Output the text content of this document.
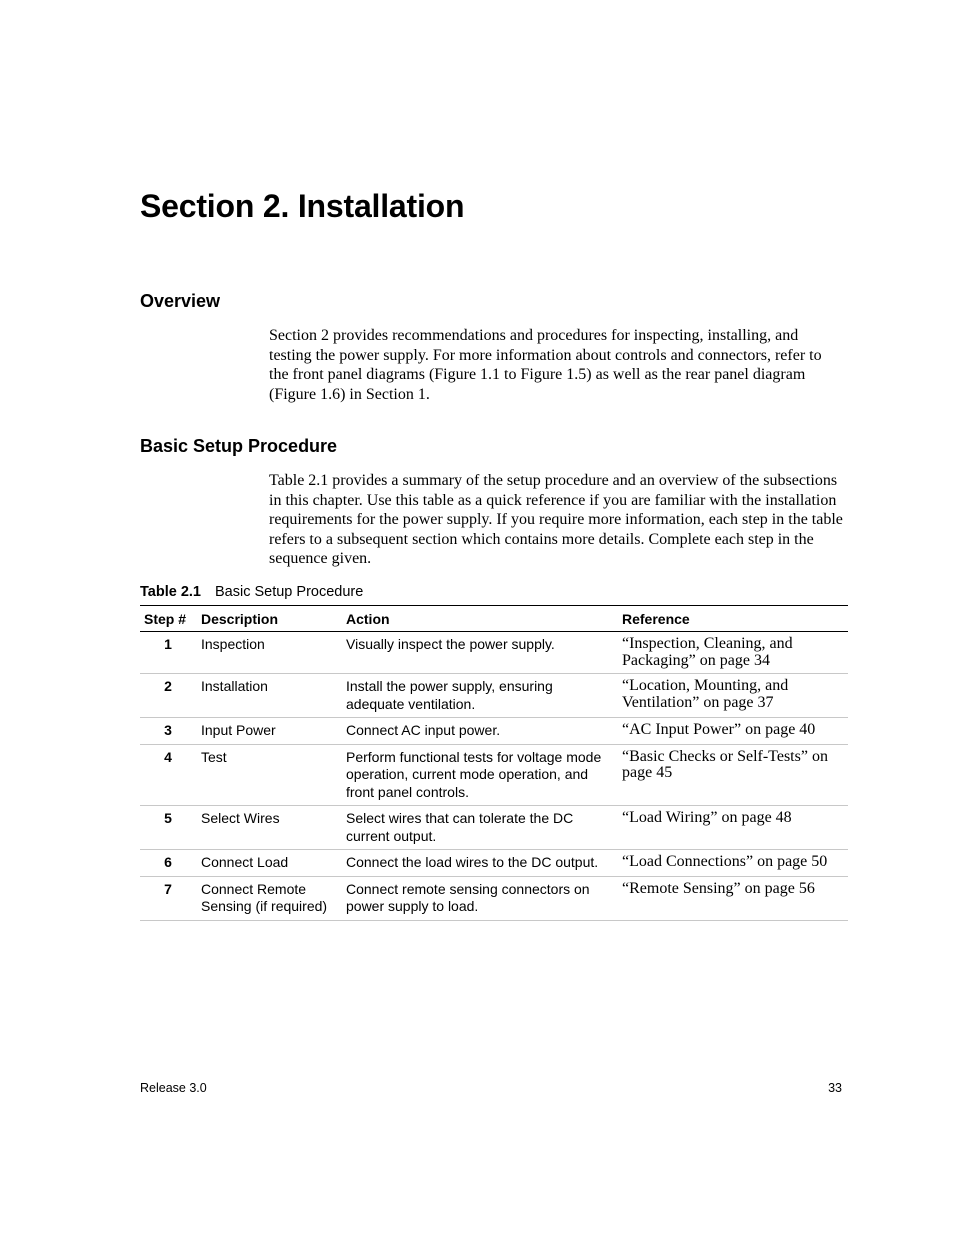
Section 2. Installation
Overview

Section 2 provides recommendations and procedures for inspecting, installing, and testing the power supply. For more information about controls and connectors, refer to the front panel diagrams (Figure 1.1 to Figure 1.5) as well as the rear panel diagram (Figure 1.6) in Section 1.

Basic Setup Procedure

Table 2.1 provides a summary of the setup procedure and an overview of the subsections in this chapter. Use this table as a quick reference if you are familiar with the installation requirements for the power supply. If you require more information, each step in the table refers to a subsequent section which contains more details. Complete each step in the sequence given.

Table 2.1 Basic Setup Procedure
Step #	Description	Action	Reference
1	Inspection	Visually inspect the power supply.	“Inspection, Cleaning, and Packaging” on page 34
2	Installation	Install the power supply, ensuring adequate ventilation.	“Location, Mounting, and Ventilation” on page 37
3	Input Power	Connect AC input power.	“AC Input Power” on page 40
4	Test	Perform functional tests for voltage mode operation, current mode operation, and front panel controls.	“Basic Checks or Self-Tests” on page 45
5	Select Wires	Select wires that can tolerate the DC current output.	“Load Wiring” on page 48
6	Connect Load	Connect the load wires to the DC output.	“Load Connections” on page 50
7	Connect Remote Sensing (if required)	Connect remote sensing connectors on power supply to load.	“Remote Sensing” on page 56
Release 3.0	33
